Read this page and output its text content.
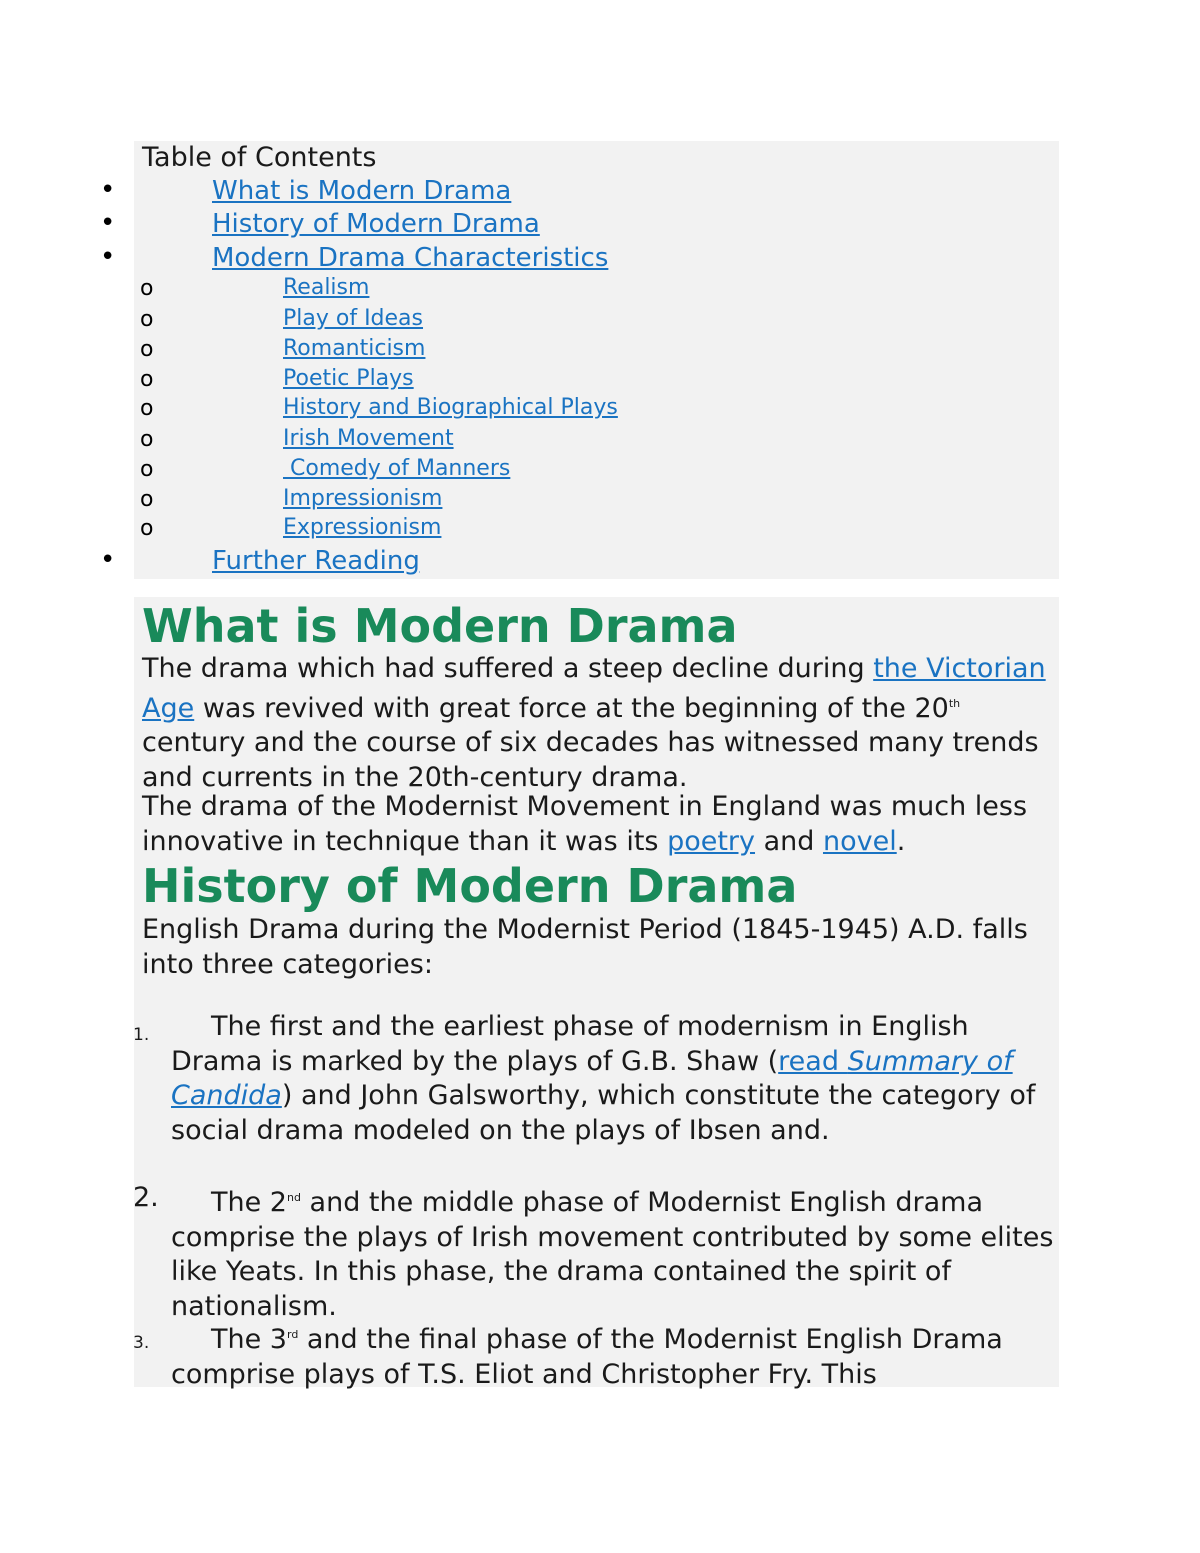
Table of Contents
•	What is Modern Drama
•	History of Modern Drama
•	Modern Drama Characteristics
o	Realism
o	Play of Ideas
o	Romanticism
o	Poetic Plays
o	History and Biographical Plays
o	Irish Movement
o	Comedy of Manners
o	Impressionism
o	Expressionism
•	Further Reading
What is Modern Drama
The drama which had suffered a steep decline during the Victorian Age was revived with great force at the beginning of the 20th century and the course of six decades has witnessed many trends and currents in the 20th-century drama.
The drama of the Modernist Movement in England was much less innovative in technique than it was its poetry and novel.
History of Modern Drama
English Drama during the Modernist Period (1845-1945) A.D. falls into three categories:
1.	The first and the earliest phase of modernism in English Drama is marked by the plays of G.B. Shaw (read Summary of Candida) and John Galsworthy, which constitute the category of social drama modeled on the plays of Ibsen and.
2.	The 2nd and the middle phase of Modernist English drama comprise the plays of Irish movement contributed by some elites like Yeats. In this phase, the drama contained the spirit of nationalism.
3.	The 3rd and the final phase of the Modernist English Drama comprise plays of T.S. Eliot and Christopher Fry. This
